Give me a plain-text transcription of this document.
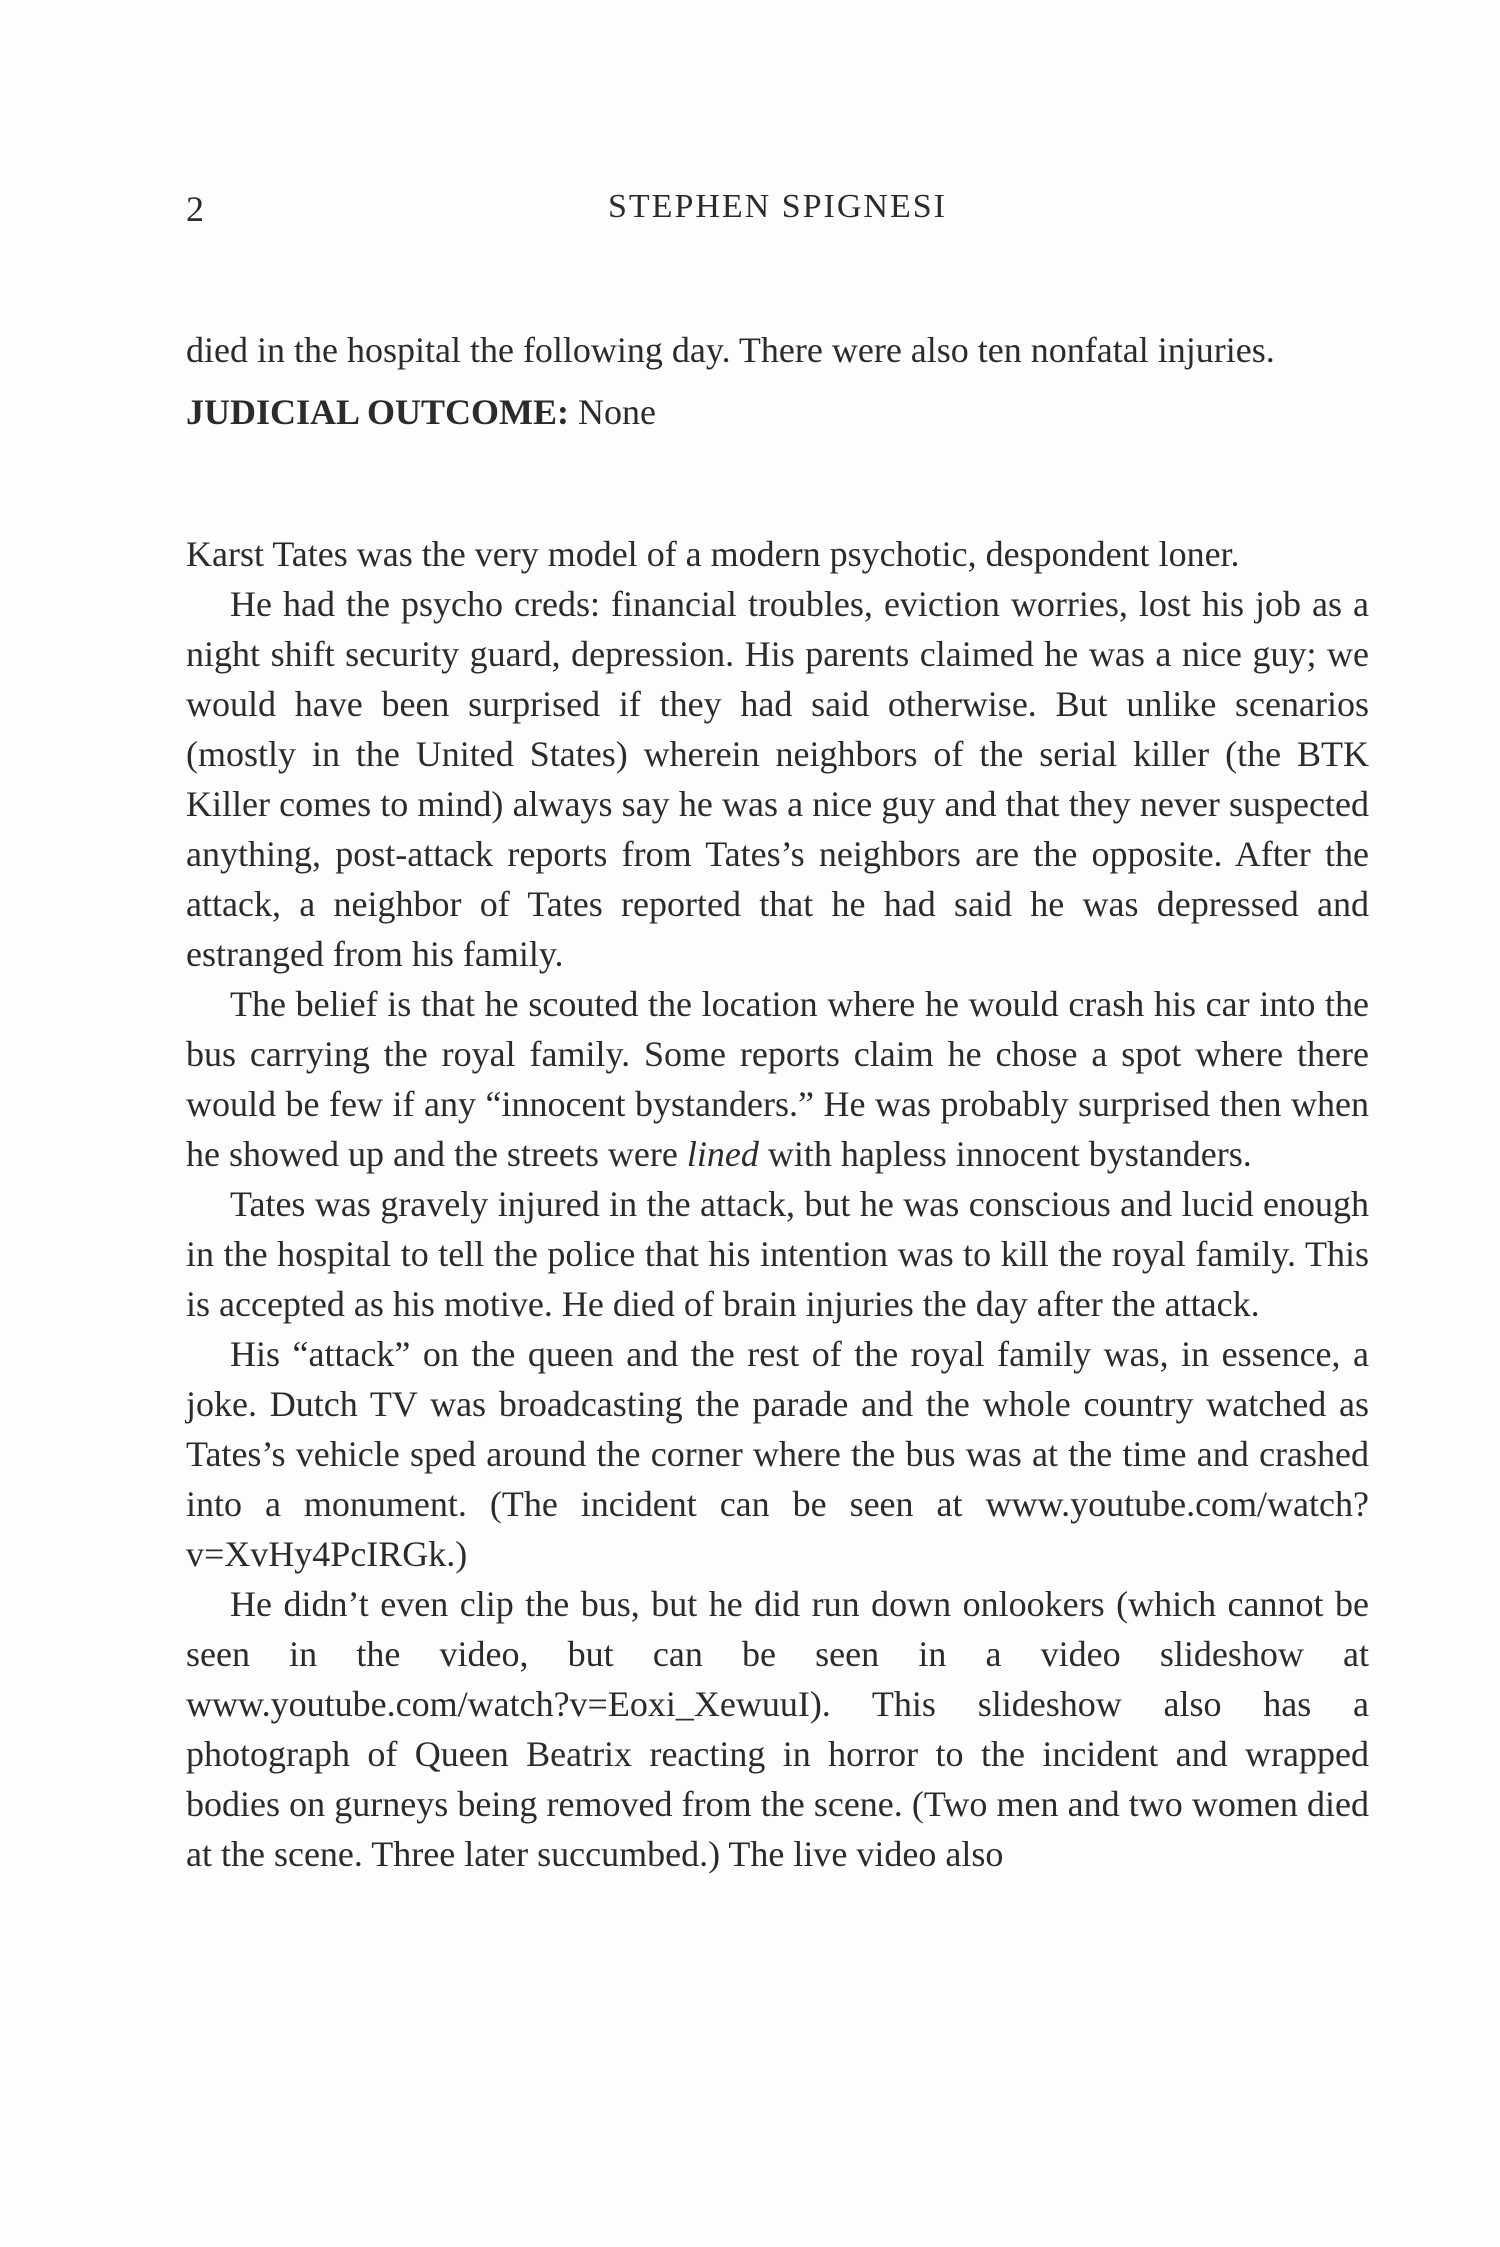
2	STEPHEN SPIGNESI

died in the hospital the following day. There were also ten nonfatal injuries.

JUDICIAL OUTCOME: None

Karst Tates was the very model of a modern psychotic, despondent loner.

He had the psycho creds: financial troubles, eviction worries, lost his job as a night shift security guard, depression. His parents claimed he was a nice guy; we would have been surprised if they had said otherwise. But unlike scenarios (mostly in the United States) wherein neighbors of the serial killer (the BTK Killer comes to mind) always say he was a nice guy and that they never suspected anything, post-attack reports from Tates’s neighbors are the opposite. After the attack, a neighbor of Tates reported that he had said he was depressed and estranged from his family.

The belief is that he scouted the location where he would crash his car into the bus carrying the royal family. Some reports claim he chose a spot where there would be few if any “innocent bystanders.” He was probably surprised then when he showed up and the streets were lined with hapless innocent bystanders.

Tates was gravely injured in the attack, but he was conscious and lucid enough in the hospital to tell the police that his intention was to kill the royal family. This is accepted as his motive. He died of brain injuries the day after the attack.

His “attack” on the queen and the rest of the royal family was, in essence, a joke. Dutch TV was broadcasting the parade and the whole country watched as Tates’s vehicle sped around the corner where the bus was at the time and crashed into a monument. (The incident can be seen at www.youtube.com/watch?v=XvHy4PcIRGk.)

He didn’t even clip the bus, but he did run down onlookers (which cannot be seen in the video, but can be seen in a video slideshow at www.youtube.com/watch?v=Eoxi_XewuuI). This slideshow also has a photograph of Queen Beatrix reacting in horror to the incident and wrapped bodies on gurneys being removed from the scene. (Two men and two women died at the scene. Three later succumbed.) The live video also
